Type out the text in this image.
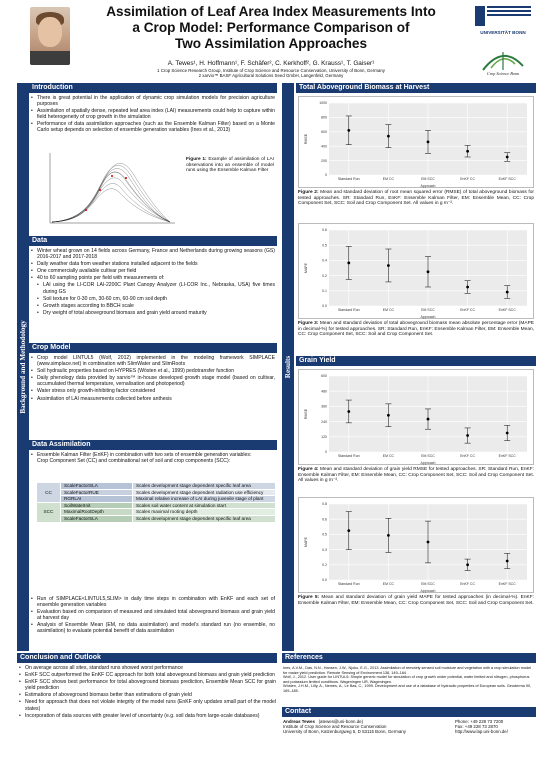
Assimilation of Leaf Area Index Measurements Into
a Crop Model: Performance Comparison of
Two Assimilation Approaches
A. Tewes¹, H. Hoffmann¹, F. Schäfer², C. Kerkhoff², G. Krauss¹, T. Gaiser¹
1 Crop Science Research Group, Institute of Crop Science and Resource Conservation, University of Bonn, Germany
2 xarvio™ BASF Agricultural Solutions Seed GmbH, Langenfeld, Germany
UNIVERSITÄT BONN
Crop Science Bonn
Background and Methodology	Results
Introduction
• There is great potential in the application of dynamic crop simulation models for precision agriculture purposes
• Assimilation of spatially dense, repeated leaf area index (LAI) measurements could help to capture within field heterogeneity of crop growth in the simulation
• Performance of data assimilation approaches (such as the Ensemble Kalman Filter) based on a Monte Carlo setup depends on selection of ensemble generation variables (Ines et al., 2013)
Figure 1: Example of assimilation of LAI observations into an ensemble of model runs using the Ensemble Kalman Filter
Data
• Winter wheat grown on 14 fields across Germany, France and Netherlands during growing seasons (GS) 2016-2017 and 2017-2018
• Daily weather data from weather stations installed adjacent to the fields
• One commercially available cultivar per field
• 40 to 60 sampling points per field with measurements of:
• LAI using the LI-COR LAI-2200C Plant Canopy Analyzer (LI-COR Inc., Nebraska, USA) five times during GS
• Soil texture for 0-30 cm, 30-60 cm, 60-90 cm soil depth
• Growth stages according to BBCH scale
• Dry weight of total aboveground biomass and grain yield around maturity
Crop Model
• Crop model LINTUL5 (Wolf, 2012) implemented in the modeling framework SIMPLACE (www.simplace.net) in combination with SlimWater and SlimRoots
• Soil hydraulic properties based on HYPRES (Wösten et al., 1999) pedotransfer function
• Daily phenology data provided by xarvio™ in-house developed growth stage model (based on cultivar, accumulated thermal temperature, vernalisation and photoperiod)
• Water stress only growth-inhibiting factor considered
• Assimilation of LAI measurements collected before anthesis
Data Assimilation
• Ensemble Kalman Filter (EnKF) in combination with two sets of ensemble generation variables:
Crop Component Set (CC) and combinational set of soil and crop components (SCC):
CC	ScaleFactorSLA	Scales development stage dependent specific leaf area
	ScaleFactorRUE	Scales development stage dependent radiation use efficiency
	RGRLAI	Maximal relative increase of LAI during juvenile stage of plant
SCC	SoilWaterInit	Scales soil water content at simulation start
	MaximalRootDepth	Scales maximal rooting depth
	ScaleFactorSLA	Scales development stage dependent specific leaf area
• Run of SIMPLACE<LINTUL5,SLIM> in daily time steps in combination with EnKF and each set of ensemble generation variables
• Evaluation based on comparison of measured and simulated total aboveground biomass and grain yield at harvest day
• Analysis of Ensemble Mean (EM, no data assimilation) and model's standard run (no ensemble, no assimilation) to evaluate potential benefit of data assimilation
Total Aboveground Biomass at Harvest
0
200
400
600
800
1000
Standard Run	EM CC	EM SCC	EnKF CC	EnKF SCC
RMSE
Approach
Figure 2: Mean and standard deviation of root mean squared error (RMSE) of total aboveground biomass for tested approaches. SR: Standard Run, EnKF: Ensemble Kalman Filter, EM: Ensemble Mean, CC: Crop Component Set, SCC: Soil and Crop Component Set. All values in g m⁻².
0.0
0.1
0.2
0.4
0.5
0.6
Standard Run	EM CC	EM SCC	EnKF CC	EnKF SCC
MAPE
Approach
Figure 3: Mean and standard deviation of total aboveground biomass mean absolute percentage error (MAPE in decimal-%) for tested approaches. SR: Standard Run, EnKF: Ensemble Kalman Filter, EM: Ensemble Mean, CC: Crop Component Set, SCC: Soil and Crop Component Set.
Grain Yield
0
120
240
360
480
600
Standard Run	EM CC	EM SCC	EnKF CC	EnKF SCC
RMSE
Approach
Figure 4: Mean and standard deviation of grain yield RMSE for tested approaches. SR: Standard Run, EnKF: Ensemble Kalman Filter, EM: Ensemble Mean, CC: Crop Component Set, SCC: Soil and Crop Component Set. All values in g m⁻².
0.0
0.2
0.3
0.5
0.6
0.8
Standard Run	EM CC	EM SCC	EnKF CC	EnKF SCC
MAPE
Approach
Figure 5: Mean and standard deviation of grain yield MAPE for tested approaches (in decimal-%). EnKF: Ensemble Kalman Filter, EM: Ensemble Mean, CC: Crop Component Set, SCC: Soil and Crop Component Set.
Conclusion and Outlook
• On average across all sites, standard runs showed worst performance
• EnKF SCC outperformed the EnKF CC approach for both total aboveground biomass and grain yield prediction
• EnKF SCC shows best performance for total aboveground biomass prediction, Ensemble Mean SCC for grain yield prediction
• Estimations of aboveground biomass better than estimations of grain yield
• Need for approach that does not violate integrity of the model runs (EnKF only updates small part of the model states)
• Incorporation of data sources with greater level of uncertainty (e.g. soil data from large-scale databases)
References
Ines, A.V.M., Das, N.N., Hansen, J.W., Njoku, E.G., 2013. Assimilation of remotely sensed soil moisture and vegetation with a crop simulation model for maize yield prediction. Remote Sensing of Environment 138, 149–164.
Wolf, J., 2012. User guide for LINTUL5: Simple generic model for simulation of crop growth under potential, water limited and nitrogen, phosphorus and potassium limited conditions. Wageningen UR, Wageningen.
Wösten, J.H.M., Lilly, A., Nemes, A., Le Bas, C., 1999. Development and use of a database of hydraulic properties of European soils. Geoderma 90, 169–185.
Contact
Andreas Tewes (atewes@uni-bonn.de)
Institute of Crop Science and Resource Conservation
University of Bonn, Katzenburgweg 5, D 53115 Bonn, Germany
Phone: +49 228 73 7200
Fax: +49 228 73 2870
http://www.lap.uni-bonn.de/
